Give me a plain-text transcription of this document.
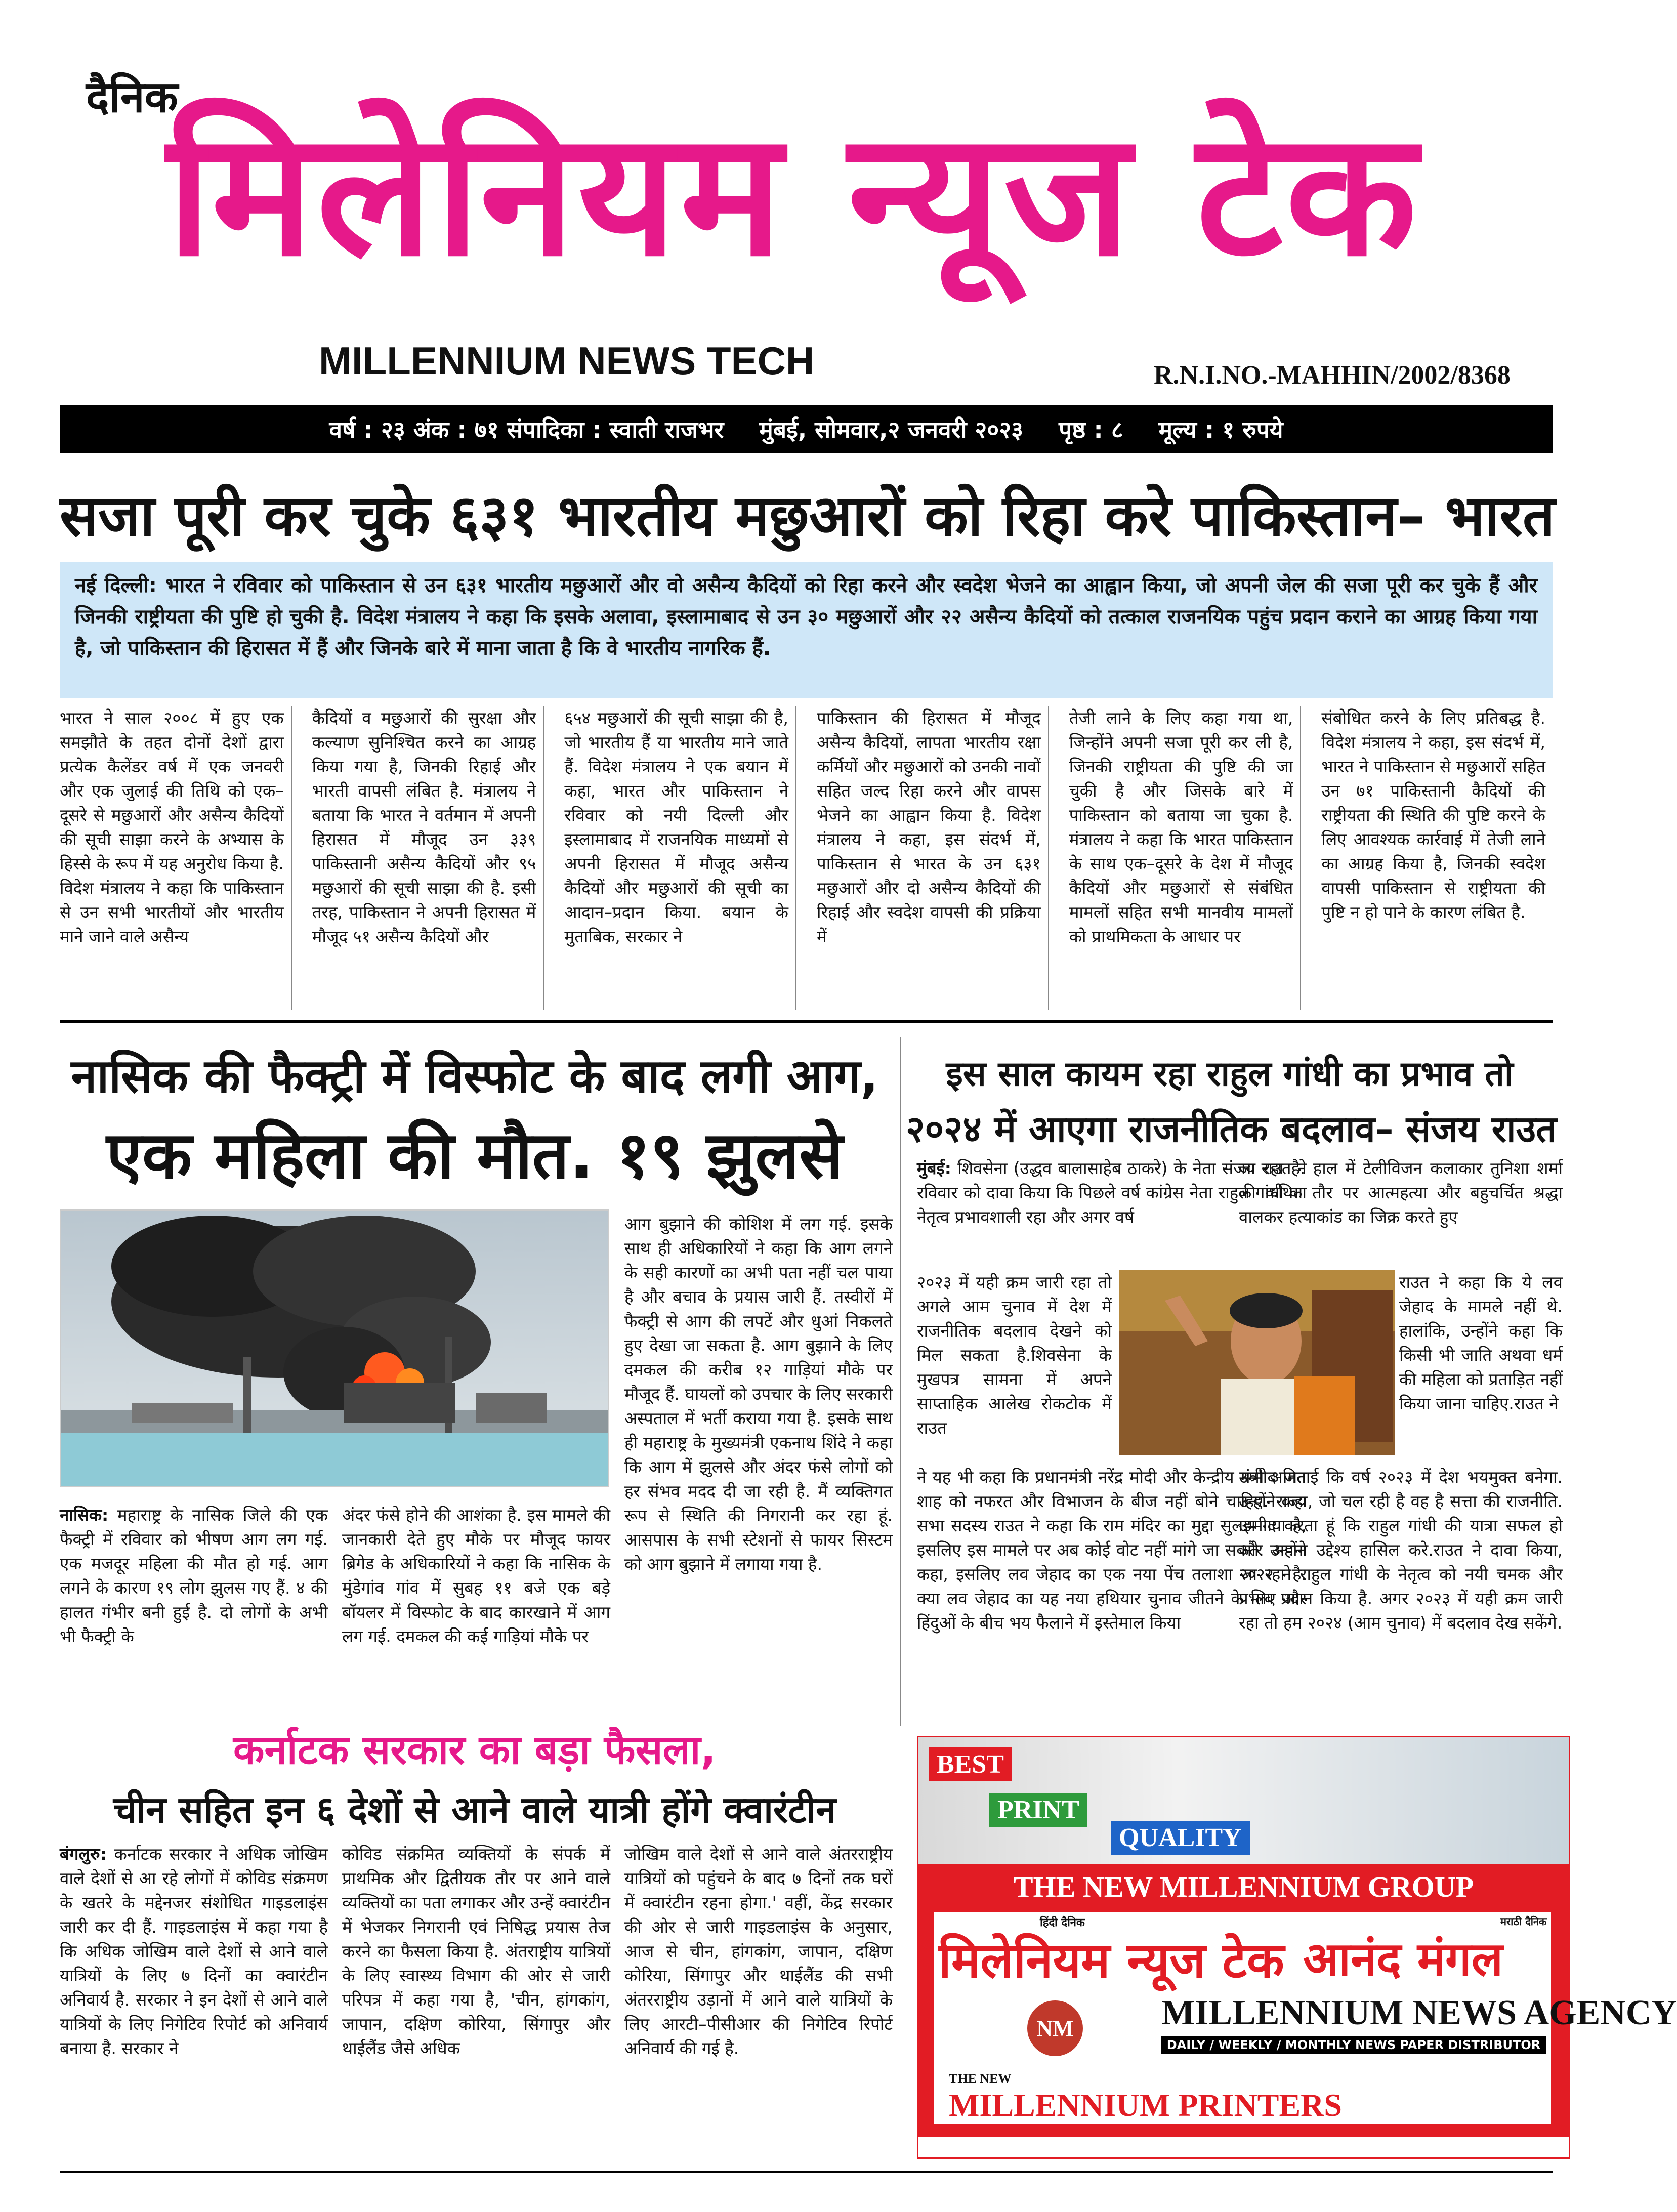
दैनिक
मिलेनियम न्यूज टेक
MILLENNIUM NEWS TECH	R.N.I.NO.-MAHHIN/2002/8368
वर्ष : २३ अंक : ७१ संपादिका : स्वाती राजभर मुंबई, सोमवार,२ जनवरी २०२३ पृष्ठ : ८ मूल्य : १ रुपये
सजा पूरी कर चुके ६३१ भारतीय मछुआरों को रिहा करे पाकिस्तान– भारत
नई दिल्ली: भारत ने रविवार को पाकिस्तान से उन ६३१ भारतीय मछुआरों और वो असैन्य कैदियों को रिहा करने और स्वदेश भेजने का आह्वान किया, जो अपनी जेल की सजा पूरी कर चुके हैं और जिनकी राष्ट्रीयता की पुष्टि हो चुकी है. विदेश मंत्रालय ने कहा कि इसके अलावा, इस्लामाबाद से उन ३० मछुआरों और २२ असैन्य कैदियों को तत्काल राजनयिक पहुंच प्रदान कराने का आग्रह किया गया है, जो पाकिस्तान की हिरासत में हैं और जिनके बारे में माना जाता है कि वे भारतीय नागरिक हैं.
भारत ने साल २००८ में हुए एक समझौते के तहत दोनों देशों द्वारा प्रत्येक कैलेंडर वर्ष में एक जनवरी और एक जुलाई की तिथि को एक–दूसरे से मछुआरों और असैन्य कैदियों की सूची साझा करने के अभ्यास के हिस्से के रूप में यह अनुरोध किया है. विदेश मंत्रालय ने कहा कि पाकिस्तान से उन सभी भारतीयों और भारतीय माने जाने वाले असैन्य
कैदियों व मछुआरों की सुरक्षा और कल्याण सुनिश्चित करने का आग्रह किया गया है, जिनकी रिहाई और भारती वापसी लंबित है. मंत्रालय ने बताया कि भारत ने वर्तमान में अपनी हिरासत में मौजूद उन ३३९ पाकिस्तानी असैन्य कैदियों और ९५ मछुआरों की सूची साझा की है. इसी तरह, पाकिस्तान ने अपनी हिरासत में मौजूद ५१ असैन्य कैदियों और
६५४ मछुआरों की सूची साझा की है, जो भारतीय हैं या भारतीय माने जाते हैं. विदेश मंत्रालय ने एक बयान में कहा, भारत और पाकिस्तान ने रविवार को नयी दिल्ली और इस्लामाबाद में राजनयिक माध्यमों से अपनी हिरासत में मौजूद असैन्य कैदियों और मछुआरों की सूची का आदान–प्रदान किया. बयान के मुताबिक, सरकार ने
पाकिस्तान की हिरासत में मौजूद असैन्य कैदियों, लापता भारतीय रक्षा कर्मियों और मछुआरों को उनकी नावों सहित जल्द रिहा करने और वापस भेजने का आह्वान किया है. विदेश मंत्रालय ने कहा, इस संदर्भ में, पाकिस्तान से भारत के उन ६३१ मछुआरों और दो असैन्य कैदियों की रिहाई और स्वदेश वापसी की प्रक्रिया में
तेजी लाने के लिए कहा गया था, जिन्होंने अपनी सजा पूरी कर ली है, जिनकी राष्ट्रीयता की पुष्टि की जा चुकी है और जिसके बारे में पाकिस्तान को बताया जा चुका है. मंत्रालय ने कहा कि भारत पाकिस्तान के साथ एक–दूसरे के देश में मौजूद कैदियों और मछुआरों से संबंधित मामलों सहित सभी मानवीय मामलों को प्राथमिकता के आधार पर
संबोधित करने के लिए प्रतिबद्ध है. विदेश मंत्रालय ने कहा, इस संदर्भ में, भारत ने पाकिस्तान से मछुआरों सहित उन ७१ पाकिस्तानी कैदियों की राष्ट्रीयता की स्थिति की पुष्टि करने के लिए आवश्यक कार्रवाई में तेजी लाने का आग्रह किया है, जिनकी स्वदेश वापसी पाकिस्तान से राष्ट्रीयता की पुष्टि न हो पाने के कारण लंबित है.
नासिक की फैक्ट्री में विस्फोट के बाद लगी आग,
एक महिला की मौत. १९ झुलसे
नासिक: महाराष्ट्र के नासिक जिले की एक फैक्ट्री में रविवार को भीषण आग लग गई. एक मजदूर महिला की मौत हो गई. आग लगने के कारण १९ लोग झुलस गए हैं. ४ की हालत गंभीर बनी हुई है. दो लोगों के अभी भी फैक्ट्री के
अंदर फंसे होने की आशंका है. इस मामले की जानकारी देते हुए मौके पर मौजूद फायर ब्रिगेड के अधिकारियों ने कहा कि नासिक के मुंडेगांव गांव में सुबह ११ बजे एक बड़े बॉयलर में विस्फोट के बाद कारखाने में आग लग गई. दमकल की कई गाड़ियां मौके पर
आग बुझाने की कोशिश में लग गई. इसके साथ ही अधिकारियों ने कहा कि आग लगने के सही कारणों का अभी पता नहीं चल पाया है और बचाव के प्रयास जारी हैं. तस्वीरों में फैक्ट्री से आग की लपटें और धुआं निकलते हुए देखा जा सकता है. आग बुझाने के लिए दमकल की करीब १२ गाड़ियां मौके पर मौजूद हैं. घायलों को उपचार के लिए सरकारी अस्पताल में भर्ती कराया गया है. इसके साथ ही महाराष्ट्र के मुख्यमंत्री एकनाथ शिंदे ने कहा कि आग में झुलसे और अंदर फंसे लोगों को हर संभव मदद दी जा रही है. मैं व्यक्तिगत रूप से स्थिति की निगरानी कर रहा हूं. आसपास के सभी स्टेशनों से फायर सिस्टम को आग बुझाने में लगाया गया है.
इस साल कायम रहा राहुल गांधी का प्रभाव तो
२०२४ में आएगा राजनीतिक बदलाव– संजय राउत
मुंबई: शिवसेना (उद्धव बालासाहेब ठाकरे) के नेता संजय राउत ने रविवार को दावा किया कि पिछले वर्ष कांग्रेस नेता राहुल गांधी का नेतृत्व प्रभावशाली रहा और अगर वर्ष
२०२३ में यही क्रम जारी रहा तो अगले आम चुनाव में देश में राजनीतिक बदलाव देखने को मिल सकता है.शिवसेना के मुखपत्र सामना में अपने साप्ताहिक आलेख रोकटोक में राउत
ने यह भी कहा कि प्रधानमंत्री नरेंद्र मोदी और केन्द्रीय मंत्री अमित शाह को नफरत और विभाजन के बीज नहीं बोने चाहिए. राज्य सभा सदस्य राउत ने कहा कि राम मंदिर का मुद्दा सुलझ गया है, इसलिए इस मामले पर अब कोई वोट नहीं मांगे जा सकते. उन्होंने कहा, इसलिए लव जेहाद का एक नया पेंच तलाशा जा रहा है. क्या लव जेहाद का यह नया हथियार चुनाव जीतने के लिए और हिंदुओं के बीच भय फैलाने में इस्तेमाल किया
जा रहा है. हाल में टेलीविजन कलाकार तुनिशा शर्मा की कथित तौर पर आत्महत्या और बहुचर्चित श्रद्धा वालकर हत्याकांड का जिक्र करते हुए
राउत ने कहा कि ये लव जेहाद के मामले नहीं थे. हालांकि, उन्होंने कहा कि किसी भी जाति अथवा धर्म की महिला को प्रताड़ित नहीं किया जाना चाहिए.राउत ने
उम्मीद जताई कि वर्ष २०२३ में देश भयमुक्त बनेगा. उन्होंने कहा, जो चल रही है वह है सत्ता की राजनीति. उम्मीद करता हूं कि राहुल गांधी की यात्रा सफल हो और अपना उद्देश्य हासिल करे.राउत ने दावा किया, २०२२ ने राहुल गांधी के नेतृत्व को नयी चमक और प्रभाव प्रदान किया है. अगर २०२३ में यही क्रम जारी रहा तो हम २०२४ (आम चुनाव) में बदलाव देख सकेंगे.
कर्नाटक सरकार का बड़ा फैसला,
चीन सहित इन ६ देशों से आने वाले यात्री होंगे क्वारंटीन
बंगलुरु: कर्नाटक सरकार ने अधिक जोखिम वाले देशों से आ रहे लोगों में कोविड संक्रमण के खतरे के मद्देनजर संशोधित गाइडलाइंस जारी कर दी हैं. गाइडलाइंस में कहा गया है कि अधिक जोखिम वाले देशों से आने वाले यात्रियों के लिए ७ दिनों का क्वारंटीन अनिवार्य है. सरकार ने इन देशों से आने वाले यात्रियों के लिए निगेटिव रिपोर्ट को अनिवार्य बनाया है. सरकार ने
कोविड संक्रमित व्यक्तियों के संपर्क में प्राथमिक और द्वितीयक तौर पर आने वाले व्यक्तियों का पता लगाकर और उन्हें क्वारंटीन में भेजकर निगरानी एवं निषिद्ध प्रयास तेज करने का फैसला किया है. अंतराष्ट्रीय यात्रियों के लिए स्वास्थ्य विभाग की ओर से जारी परिपत्र में कहा गया है, 'चीन, हांगकांग, जापान, दक्षिण कोरिया, सिंगापुर और थाईलैंड जैसे अधिक
जोखिम वाले देशों से आने वाले अंतरराष्ट्रीय यात्रियों को पहुंचने के बाद ७ दिनों तक घरों में क्वारंटीन रहना होगा.' वहीं, केंद्र सरकार की ओर से जारी गाइडलाइंस के अनुसार, आज से चीन, हांगकांग, जापान, दक्षिण कोरिया, सिंगापुर और थाईलैंड की सभी अंतरराष्ट्रीय उड़ानों में आने वाले यात्रियों के लिए आरटी–पीसीआर की निगेटिव रिपोर्ट अनिवार्य की गई है.
BEST
PRINT
QUALITY
THE NEW MILLENNIUM GROUP
हिंदी दैनिक
मिलेनियम न्यूज टेक
मराठी दैनिक
आनंद मंगल
NM MILLENNIUM NEWS AGENCY
DAILY / WEEKLY / MONTHLY NEWS PAPER DISTRIBUTOR
THE NEW
MILLENNIUM PRINTERS
